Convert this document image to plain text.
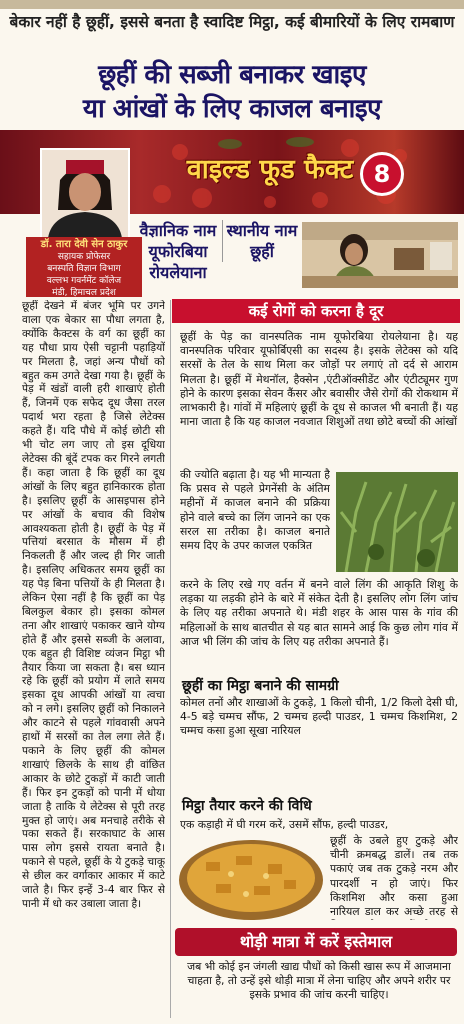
बेकार नहीं है छूहीं, इससे बनता है स्वादिष्ट मिट्ठा, कई बीमारियों के लिए रामबाण
छूहीं की सब्जी बनाकर खाइए
या आंखों के लिए काजल बनाइए
वाइल्ड फूड फैक्ट 8
डॉ. तारा देवी सेन ठाकुर
सहायक प्रोफेसर
बनस्पति विज्ञान विभाग
वल्लभ गवर्नमेंट कॉलेज
मंडी, हिमाचल प्रदेश
वैज्ञानिक नाम
यूफोरबिया रोयलेयाना
स्थानीय नाम
छूहीं
छूहीं देखने में बंजर भूमि पर उगने वाला एक बेकार सा पौधा लगता है, क्योंकि कैक्टस के वर्ग का छूहीं का यह पौधा प्राय ऐसी चट्टानी पहाड़ियों पर मिलता है, जहां अन्य पौधों को बहुत कम उगते देखा गया है। छूहीं के पेड़ में खंडों वाली हरी शाखाएं होती हैं, जिनमें एक सफेद दूध जैसा तरल पदार्थ भरा रहता है जिसे लेटेक्स कहते हैं। यदि पौधे में कोई छोटी सी भी चोट लग जाए तो इस दूधिया लेटेक्स की बूंदें टपक कर गिरने लगती हैं। कहा जाता है कि छूहीं का दूध आंखों के लिए बहुत हानिकारक होता है। इसलिए छूहीं के आसइपास होने पर आंखों के बचाव की विशेष आवश्यकता होती है। छूहीं के पेड़ में पत्तियां बरसात के मौसम में ही निकलती हैं और जल्द ही गिर जाती है। इसलिए अधिकतर समय छूहीं का यह पेड़ बिना पत्तियों के ही मिलता है। लेकिन ऐसा नहीं है कि छूहीं का पेड़ बिलकुल बेकार हो। इसका कोमल तना और शाखाएं पकाकर खाने योग्य होते हैं और इससे सब्जी के अलावा, एक बहुत ही विशिष्ट व्यंजन मिट्ठा भी तैयार किया जा सकता है। बस ध्यान रहे कि छूहीं को प्रयोग में लाते समय इसका दूध आपकी आंखों या त्वचा को न लगे। इसलिए छूहीं को निकालने और काटने से पहले गांववासी अपने हाथों में सरसों का तेल लगा लेते हैं। पकाने के लिए छूहीं की कोमल शाखाएं छिलके के साथ ही वांछित आकार के छोटे टुकड़ों में काटी जाती हैं। फिर इन टुकड़ों को पानी में धोया जाता है ताकि ये लेटेक्स से पूरी तरह मुक्त हो जाएं। अब मनचाहे तरीके से पका सकते हैं। सरकाघाट के आस पास लोग इससे रायता बनाते है। पकाने से पहले, छूहीं के ये टुकड़े चाकू से छील कर वर्गाकार आकार में काटे जाते है। फिर इन्हें 3-4 बार फिर से पानी में धो कर उबाला जाता है।
कई रोगों को करना है दूर
छूहीं के पेड़ का वानस्पतिक नाम यूफोरबिया रोयलेयाना है। यह वानस्पतिक परिवार यूफोर्बिएसी का सदस्य है। इसके लेटेक्स को यदि सरसों के तेल के साथ मिला कर जोड़ों पर लगाएं तो दर्द से आराम मिलता है। छूहीं में मेथनॉल, हैक्सेन ,एंटीऑक्सीडेंट और एंटीट्यूमर गुण होने के कारण इसका सेवन कैंसर और बवासीर जैसे रोगों की रोकथाम में लाभकारी है। गांवों में महिलाएं छूहीं के दूध से काजल भी बनाती हैं। यह माना जाता है कि यह काजल नवजात शिशुओं तथा छोटे बच्चों की आंखों
की ज्योति बढ़ाता है। यह भी मान्यता है कि प्रसव से पहले प्रेगनेंसी के अंतिम महीनों में काजल बनाने की प्रक्रिया होने वाले बच्चे का लिंग जानने का एक सरल सा तरीका है। काजल बनाते समय दिए के उपर काजल एकत्रित
करने के लिए रखे गए वर्तन में बनने वाले लिंग की आकृति शिशु के लड़का या लड़की होने के बारे में संकेत देती है। इसलिए लोग लिंग जांच के लिए यह तरीका अपनाते थे। मंडी शहर के आस पास के गांव की महिलाओं के साथ बातचीत से यह बात सामने आई कि कुछ लोग गांव में आज भी लिंग की जांच के लिए यह तरीका अपनाते हैं।
छूहीं का मिट्ठा बनाने की सामग्री
कोमल तनों और शाखाओं के टुकड़े, 1 किलो चीनी, 1/2 किलो देसी घी, 4-5 बड़े चम्मच सौंफ, 2 चम्मच हल्दी पाउडर, 1 चम्मच किशमिश, 2 चम्मच कसा हुआ सूखा नारियल
मिट्ठा तैयार करने की विधि
एक कड़ाही में घी गरम करें, उसमें सौंफ, हल्दी पाउडर,
छूहीं के उबले हुए टुकड़े और चीनी क्रमबद्ध डालें। तब तक पकाएं जब तक टुकड़े नरम और पारदर्शी न हो जाएं। फिर किशमिश और कसा हुआ नारियल डाल कर अच्छे तरह से
थोड़ी मात्रा में करें इस्तेमाल
जब भी कोई इन जंगली खाद्य पौधों को किसी खास रूप में आजमाना चाहता है, तो उन्हें इसे थोड़ी मात्रा में लेना चाहिए और अपने शरीर पर इसके प्रभाव की जांच करनी चाहिए।
